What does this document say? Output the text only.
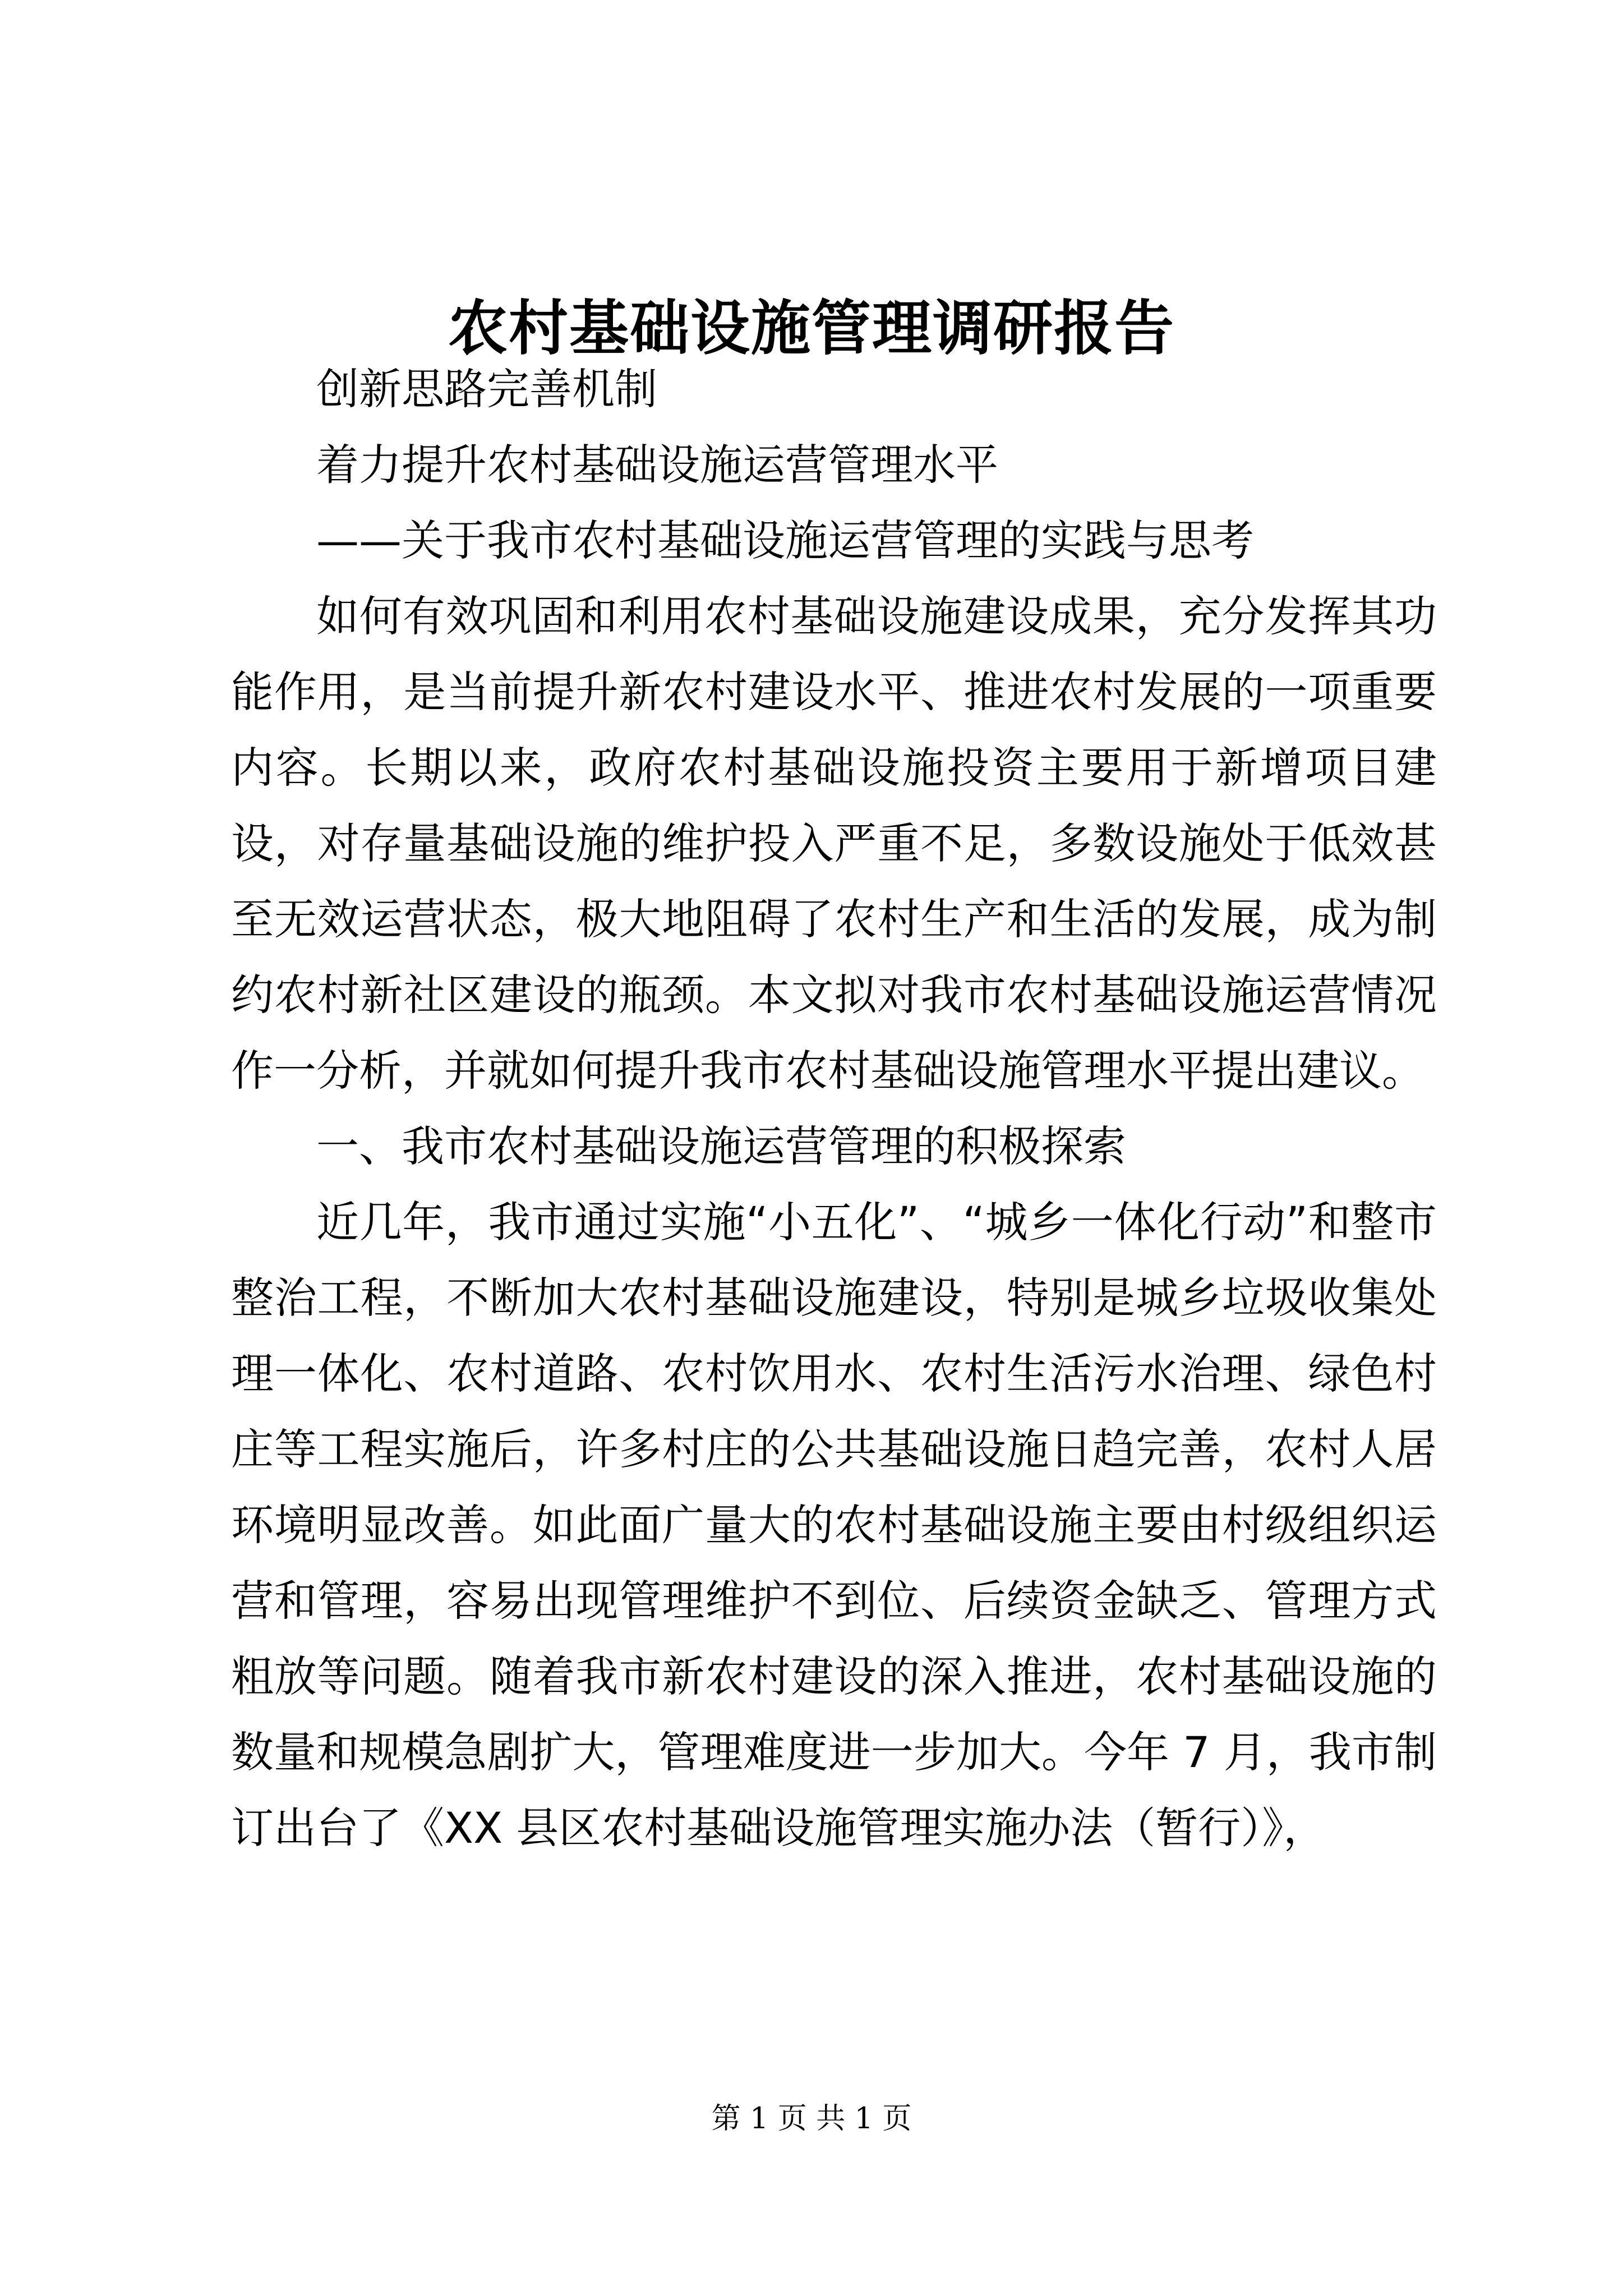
农村基础设施管理调研报告

创新思路完善机制

着力提升农村基础设施运营管理水平

——关于我市农村基础设施运营管理的实践与思考

如何有效巩固和利用农村基础设施建设成果，充分发挥其功能作用，是当前提升新农村建设水平、推进农村发展的一项重要内容。长期以来，政府农村基础设施投资主要用于新增项目建设，对存量基础设施的维护投入严重不足，多数设施处于低效甚至无效运营状态，极大地阻碍了农村生产和生活的发展，成为制约农村新社区建设的瓶颈。本文拟对我市农村基础设施运营情况作一分析，并就如何提升我市农村基础设施管理水平提出建议。

一、我市农村基础设施运营管理的积极探索

近几年，我市通过实施“小五化”、“城乡一体化行动”和整市整治工程，不断加大农村基础设施建设，特别是城乡垃圾收集处理一体化、农村道路、农村饮用水、农村生活污水治理、绿色村庄等工程实施后，许多村庄的公共基础设施日趋完善，农村人居环境明显改善。如此面广量大的农村基础设施主要由村级组织运营和管理，容易出现管理维护不到位、后续资金缺乏、管理方式粗放等问题。随着我市新农村建设的深入推进，农村基础设施的数量和规模急剧扩大，管理难度进一步加大。今年 7 月，我市制订出台了《XX 县区农村基础设施管理实施办法（暂行）》，

第 1 页 共 1 页
